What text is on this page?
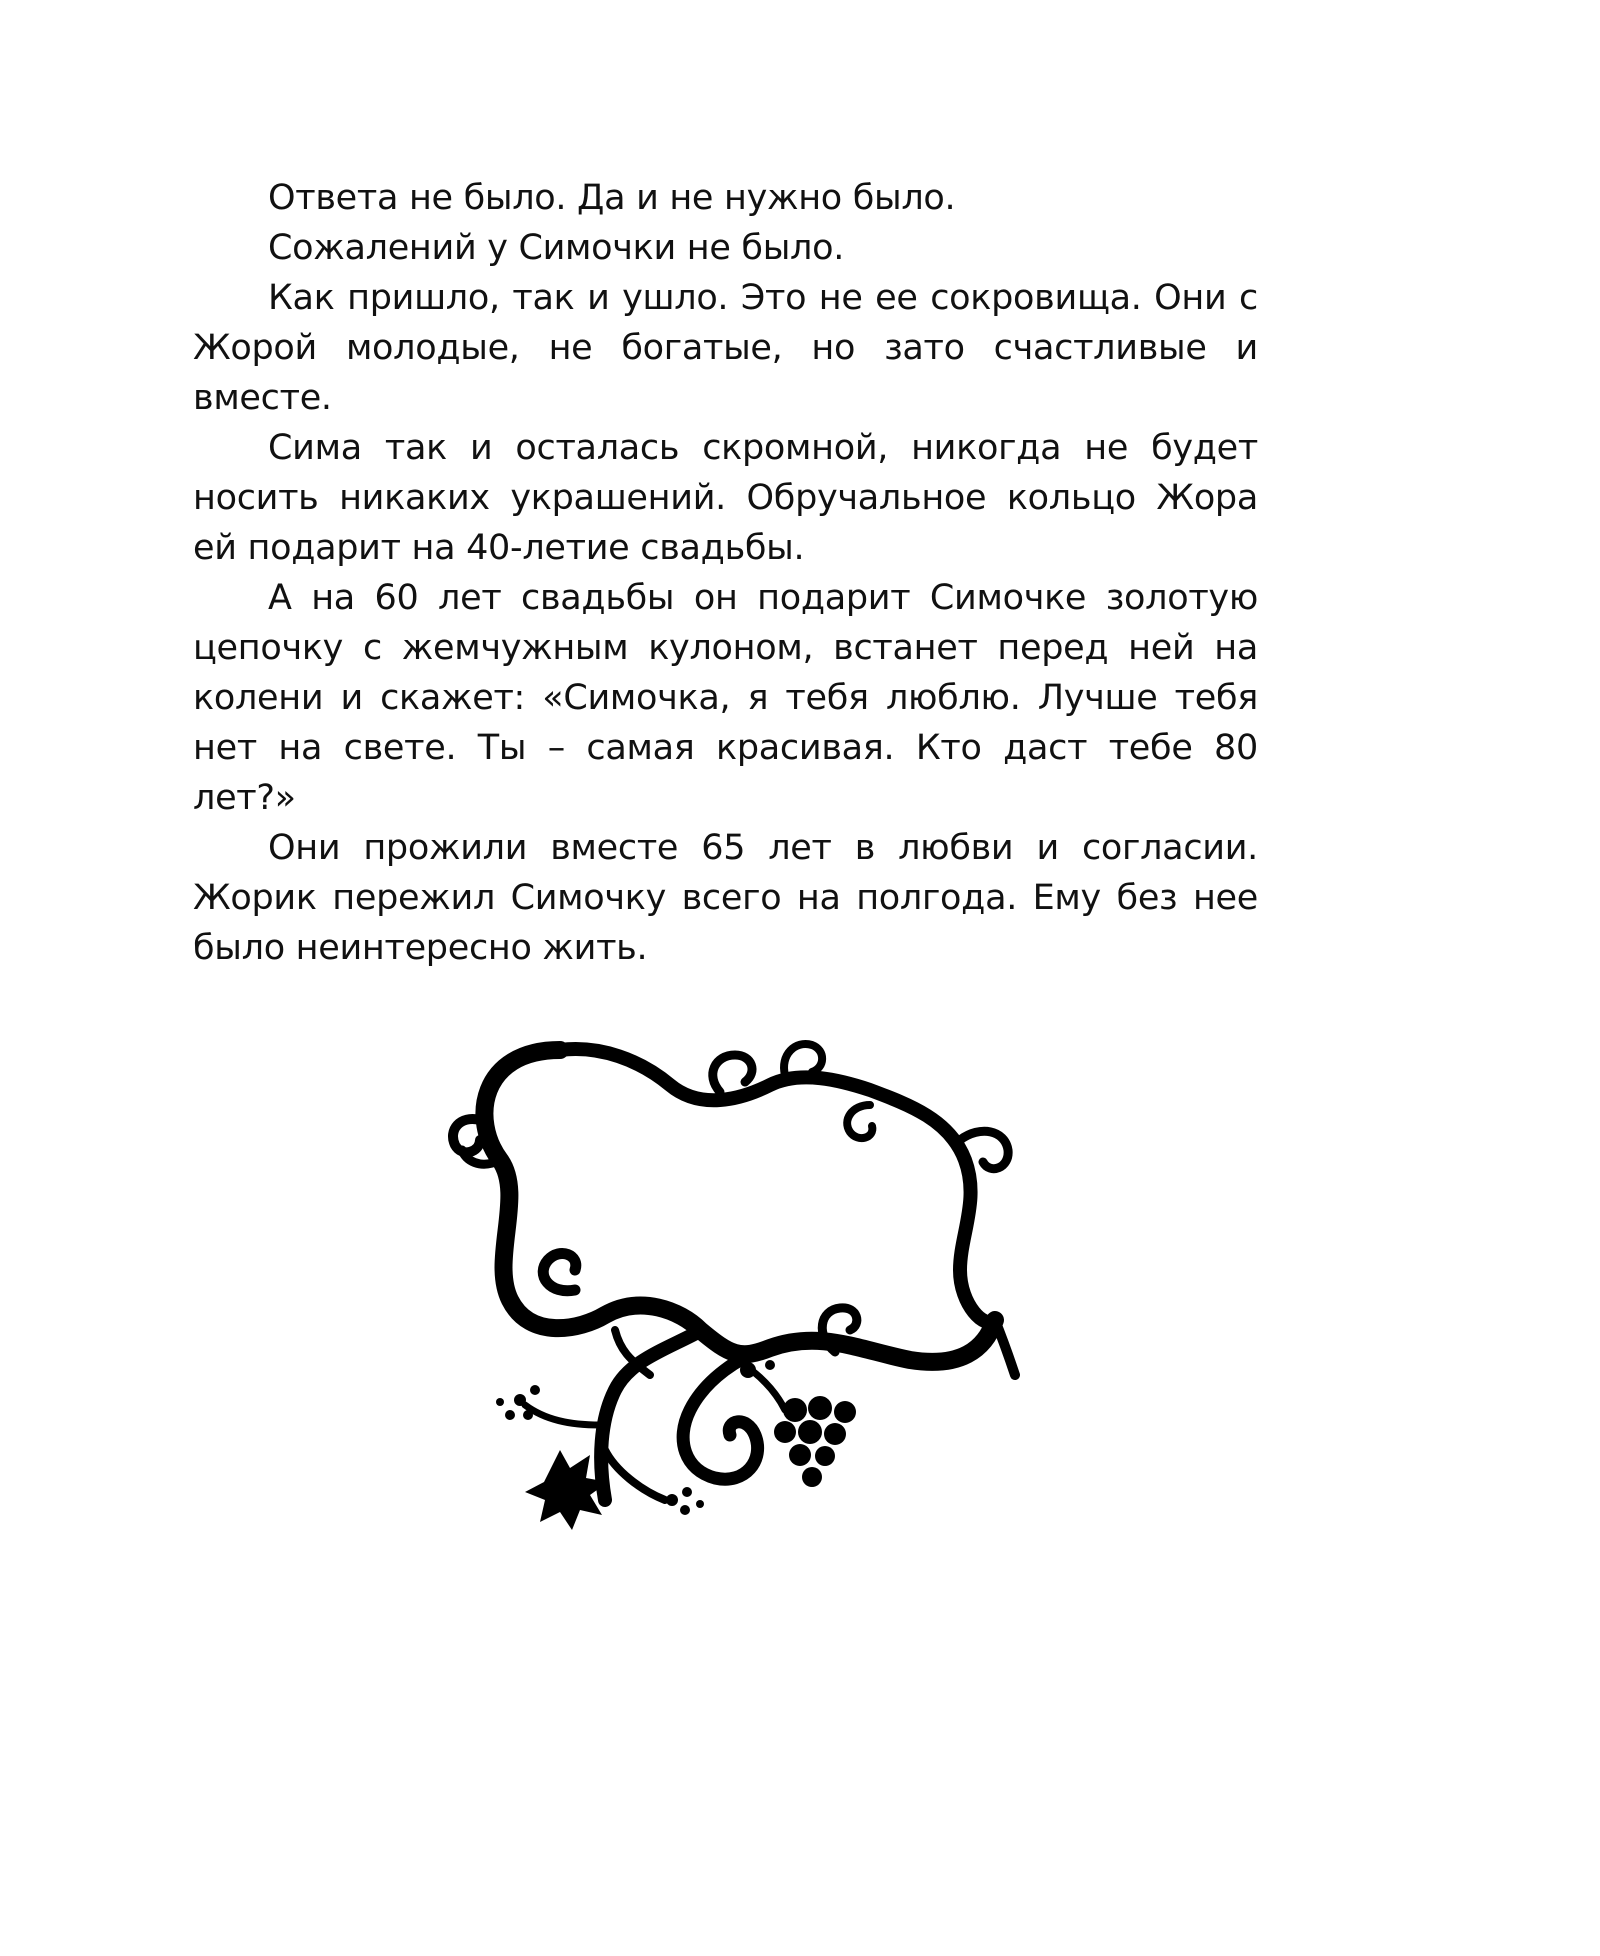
Ответа не было. Да и не нужно было.

Сожалений у Симочки не было.

Как пришло, так и ушло. Это не ее сокровища. Они с Жорой молодые, не богатые, но зато счастливые и вместе.

Сима так и осталась скромной, никогда не будет носить никаких украшений. Обручальное кольцо Жора ей подарит на 40-летие свадьбы.

А на 60 лет свадьбы он подарит Симочке золотую цепочку с жемчужным кулоном, встанет перед ней на колени и скажет: «Симочка, я тебя люблю. Лучше тебя нет на свете. Ты – самая красивая. Кто даст тебе 80 лет?»

Они прожили вместе 65 лет в любви и согласии. Жорик пережил Симочку всего на полгода. Ему без нее было неинтересно жить.
